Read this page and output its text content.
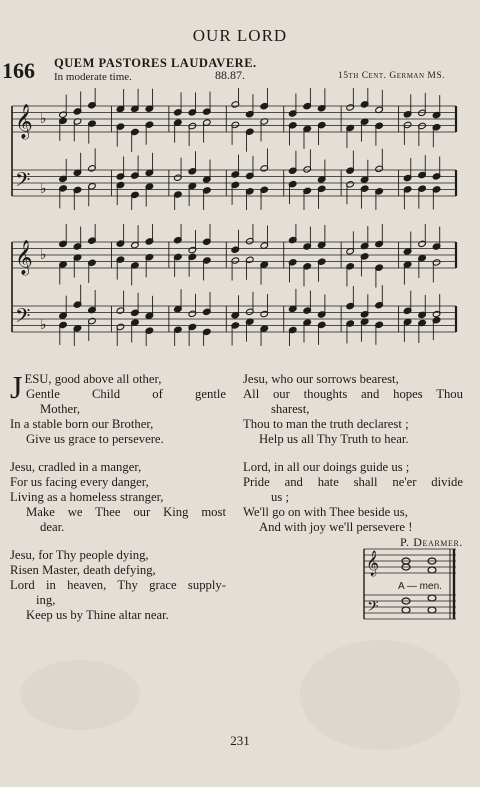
OUR LORD
166 QUEM PASTORES LAUDAVERE.
In moderate time.	88.87.	15th Cent. German MS.
𝄞 ♭
𝄢 ♭
𝄞 ♭
𝄢 ♭
J ESU, good above all other,

Gentle Child of gentle

Mother,

In a stable born our Brother,

Give us grace to persevere.

Jesu, cradled in a manger,

For us facing every danger,

Living as a homeless stranger,

Make we Thee our King most

dear.

Jesu, for Thy people dying,

Risen Master, death defying,

Lord in heaven, Thy grace supply-

ing,

Keep us by Thine altar near.

Jesu, who our sorrows bearest,

All our thoughts and hopes Thou

sharest,

Thou to man the truth declarest ;

Help us all Thy Truth to hear.

Lord, in all our doings guide us ;

Pride and hate shall ne'er divide

us ;

We'll go on with Thee beside us,

And with joy we'll persevere !

P. Dearmer.

𝄞
𝄢
A — men.
231
